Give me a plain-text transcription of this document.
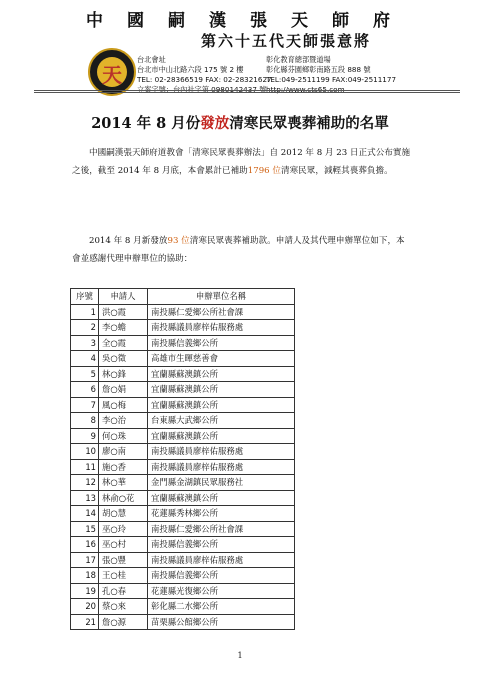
中國嗣漢張天師府
第六十五代天師張意將
天
台北會址
台北市中山北路六段 175 號 2 樓
TEL: 02-28366519 FAX: 02-28321627
立案字號：台內社字第 0980142437 號
彰化教育總部暨道場
彰化縣芬園鄉彰南路五段 888 號
TEL:049-2511199 FAX:049-2511177
http://www.cts65.com
2014 年 8 月份發放清寒民眾喪葬補助的名單
中國嗣漢張天師府道教會「清寒民眾喪葬辦法」自 2012 年 8 月 23 日正式公布實施之後，截至 2014 年 8 月底，本會累計已補助1796 位清寒民眾，減輕其喪葬負擔。
2014 年 8 月新發放93 位清寒民眾喪葬補助款。申請人及其代理申辦單位如下，本會並感謝代理申辦單位的協助：
序號	申請人	申辦單位名稱
1	洪○霞	南投縣仁愛鄉公所社會課
2	李○蟾	南投縣議員廖梓佑服務處
3	全○霞	南投縣信義鄉公所
4	吳○徵	高雄市生暉慈善會
5	林○鋒	宜蘭縣蘇澳鎮公所
6	詹○娟	宜蘭縣蘇澳鎮公所
7	風○梅	宜蘭縣蘇澳鎮公所
8	李○治	台東縣大武鄉公所
9	何○珠	宜蘭縣蘇澳鎮公所
10	廖○南	南投縣議員廖梓佑服務處
11	施○香	南投縣議員廖梓佑服務處
12	林○華	金門縣金湖鎮民眾服務社
13	林俞○花	宜蘭縣蘇澳鎮公所
14	胡○慧	花蓮縣秀林鄉公所
15	巫○玲	南投縣仁愛鄉公所社會課
16	巫○村	南投縣信義鄉公所
17	張○豐	南投縣議員廖梓佑服務處
18	王○桂	南投縣信義鄉公所
19	孔○春	花蓮縣光復鄉公所
20	蔡○來	彰化縣二水鄉公所
21	詹○源	苗栗縣公館鄉公所
1
